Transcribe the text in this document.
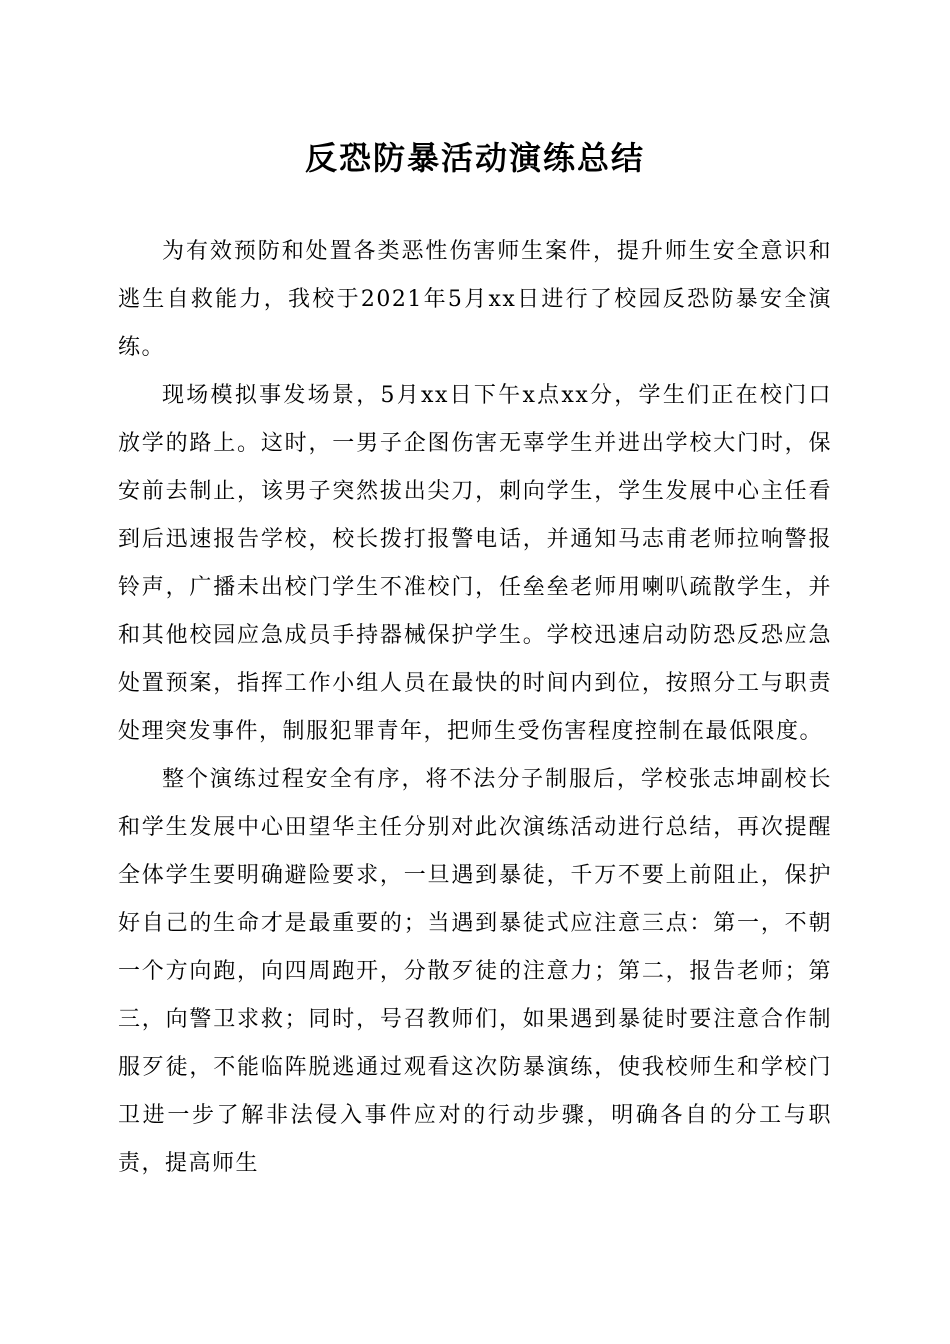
反恐防暴活动演练总结

为有效预防和处置各类恶性伤害师生案件，提升师生安全意识和逃生自救能力，我校于2021年5月xx日进行了校园反恐防暴安全演练。

现场模拟事发场景，5月xx日下午x点xx分，学生们正在校门口放学的路上。这时，一男子企图伤害无辜学生并进出学校大门时，保安前去制止，该男子突然拔出尖刀，刺向学生，学生发展中心主任看到后迅速报告学校，校长拨打报警电话，并通知马志甫老师拉响警报铃声，广播未出校门学生不准校门，任垒垒老师用喇叭疏散学生，并和其他校园应急成员手持器械保护学生。学校迅速启动防恐反恐应急处置预案，指挥工作小组人员在最快的时间内到位，按照分工与职责处理突发事件，制服犯罪青年，把师生受伤害程度控制在最低限度。

整个演练过程安全有序，将不法分子制服后，学校张志坤副校长和学生发展中心田望华主任分别对此次演练活动进行总结，再次提醒全体学生要明确避险要求，一旦遇到暴徒，千万不要上前阻止，保护好自己的生命才是最重要的；当遇到暴徒式应注意三点：第一，不朝一个方向跑，向四周跑开，分散歹徒的注意力；第二，报告老师；第三，向警卫求救；同时，号召教师们，如果遇到暴徒时要注意合作制服歹徒，不能临阵脱逃通过观看这次防暴演练，使我校师生和学校门卫进一步了解非法侵入事件应对的行动步骤，明确各自的分工与职责，提高师生
